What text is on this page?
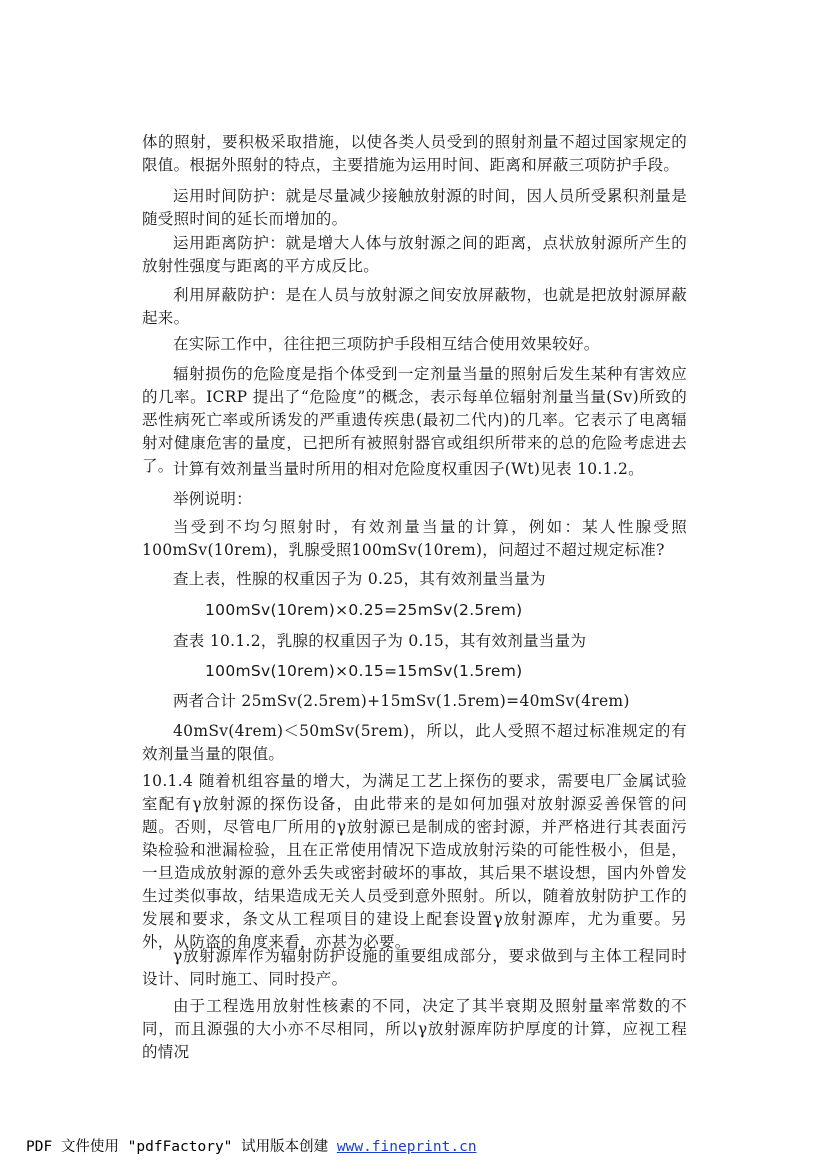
体的照射，要积极采取措施，以使各类人员受到的照射剂量不超过国家规定的限值。根据外照射的特点，主要措施为运用时间、距离和屏蔽三项防护手段。

运用时间防护：就是尽量减少接触放射源的时间，因人员所受累积剂量是随受照时间的延长而增加的。

运用距离防护：就是增大人体与放射源之间的距离，点状放射源所产生的放射性强度与距离的平方成反比。

利用屏蔽防护：是在人员与放射源之间安放屏蔽物，也就是把放射源屏蔽起来。

在实际工作中，往往把三项防护手段相互结合使用效果较好。

辐射损伤的危险度是指个体受到一定剂量当量的照射后发生某种有害效应的几率。ICRP 提出了“危险度”的概念，表示每单位辐射剂量当量(Sv)所致的恶性病死亡率或所诱发的严重遗传疾患(最初二代内)的几率。它表示了电离辐射对健康危害的量度，已把所有被照射器官或组织所带来的总的危险考虑进去了。 计算有效剂量当量时所用的相对危险度权重因子(Wt)见表 10.1.2。

举例说明：

当受到不均匀照射时，有效剂量当量的计算，例如：某人性腺受照100mSv(10rem)，乳腺受照100mSv(10rem)，问超过不超过规定标准?

查上表，性腺的权重因子为 0.25，其有效剂量当量为

100mSv(10rem)×0.25=25mSv(2.5rem)

查表 10.1.2，乳腺的权重因子为 0.15，其有效剂量当量为

100mSv(10rem)×0.15=15mSv(1.5rem)

两者合计 25mSv(2.5rem)+15mSv(1.5rem)=40mSv(4rem)

40mSv(4rem)＜50mSv(5rem)，所以，此人受照不超过标准规定的有效剂量当量的限值。

10.1.4 随着机组容量的增大，为满足工艺上探伤的要求，需要电厂金属试验室配有γ放射源的探伤设备，由此带来的是如何加强对放射源妥善保管的问题。否则，尽管电厂所用的γ放射源已是制成的密封源，并严格进行其表面污染检验和泄漏检验，且在正常使用情况下造成放射污染的可能性极小，但是，一旦造成放射源的意外丢失或密封破坏的事故，其后果不堪设想，国内外曾发生过类似事故，结果造成无关人员受到意外照射。所以，随着放射防护工作的发展和要求，条文从工程项目的建设上配套设置γ放射源库，尤为重要。另外，从防盗的角度来看，亦甚为必要。

γ放射源库作为辐射防护设施的重要组成部分，要求做到与主体工程同时设计、同时施工、同时投产。

由于工程选用放射性核素的不同，决定了其半衰期及照射量率常数的不同，而且源强的大小亦不尽相同，所以γ放射源库防护厚度的计算，应视工程的情况

PDF 文件使用 "pdfFactory" 试用版本创建 www.fineprint.cn
